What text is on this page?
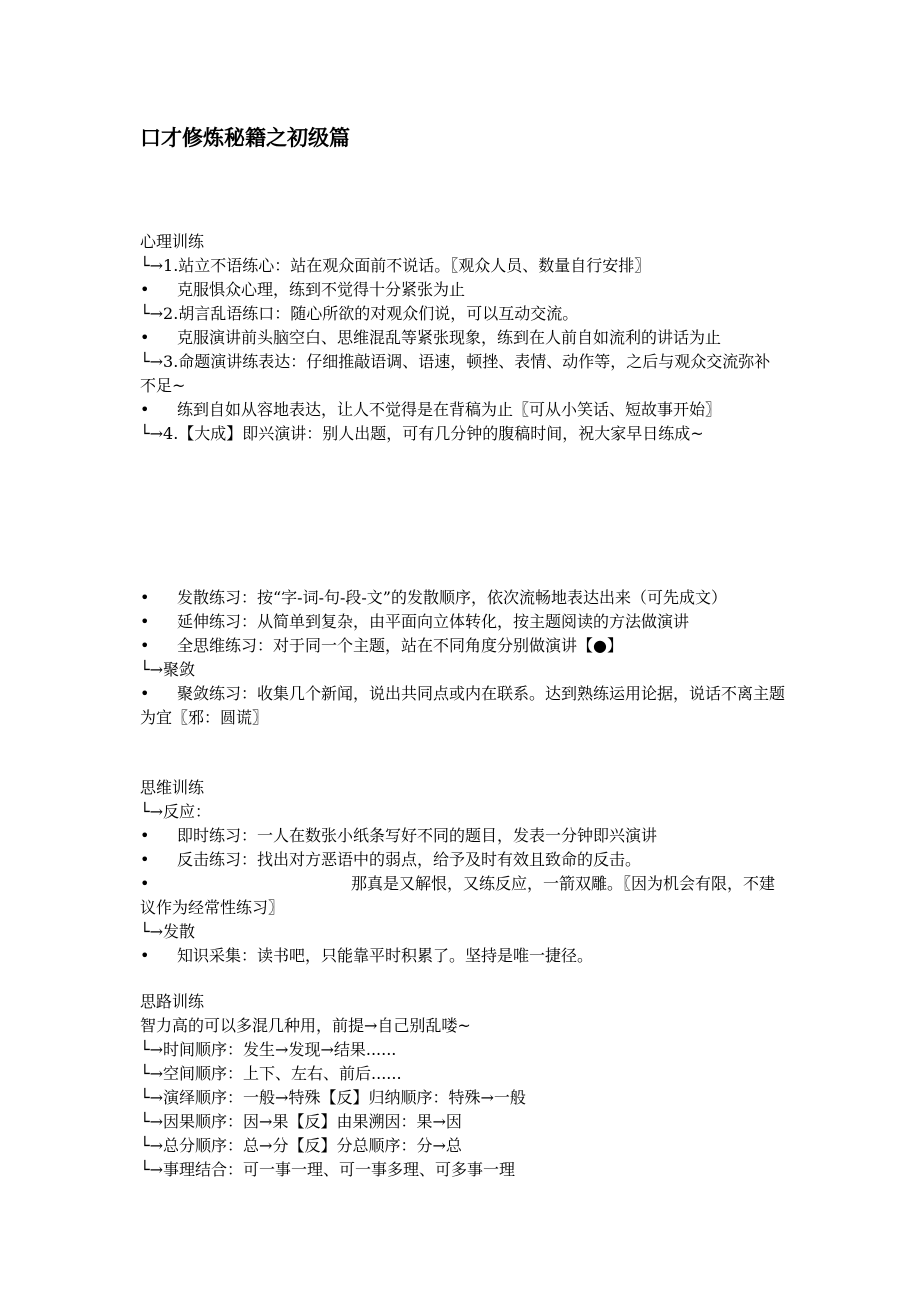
口才修炼秘籍之初级篇
心理训练
└→1.站立不语练心：站在观众面前不说话。〖观众人员、数量自行安排〗
• 克服惧众心理，练到不觉得十分紧张为止
└→2.胡言乱语练口：随心所欲的对观众们说，可以互动交流。
• 克服演讲前头脑空白、思维混乱等紧张现象，练到在人前自如流利的讲话为止
└→3.命题演讲练表达：仔细推敲语调、语速，顿挫、表情、动作等，之后与观众交流弥补不足~
• 练到自如从容地表达，让人不觉得是在背稿为止〖可从小笑话、短故事开始〗
└→4.【大成】即兴演讲：别人出题，可有几分钟的腹稿时间，祝大家早日练成~
• 发散练习：按“字-词-句-段-文”的发散顺序，依次流畅地表达出来（可先成文）
• 延伸练习：从简单到复杂，由平面向立体转化，按主题阅读的方法做演讲
• 全思维练习：对于同一个主题，站在不同角度分别做演讲【●】
└→聚敛
• 聚敛练习：收集几个新闻，说出共同点或内在联系。达到熟练运用论据，说话不离主题为宜〖邪：圆谎〗
思维训练
└→反应：
• 即时练习：一人在数张小纸条写好不同的题目，发表一分钟即兴演讲
• 反击练习：找出对方恶语中的弱点，给予及时有效且致命的反击。
•	那真是又解恨，又练反应，一箭双雕。〖因为机会有限，不建议作为经常性练习〗
└→发散
• 知识采集：读书吧，只能靠平时积累了。坚持是唯一捷径。
思路训练
智力高的可以多混几种用，前提→自己别乱喽~
└→时间顺序：发生→发现→结果......
└→空间顺序：上下、左右、前后......
└→演绎顺序：一般→特殊【反】归纳顺序：特殊→一般
└→因果顺序：因→果【反】由果溯因：果→因
└→总分顺序：总→分【反】分总顺序：分→总
└→事理结合：可一事一理、可一事多理、可多事一理
